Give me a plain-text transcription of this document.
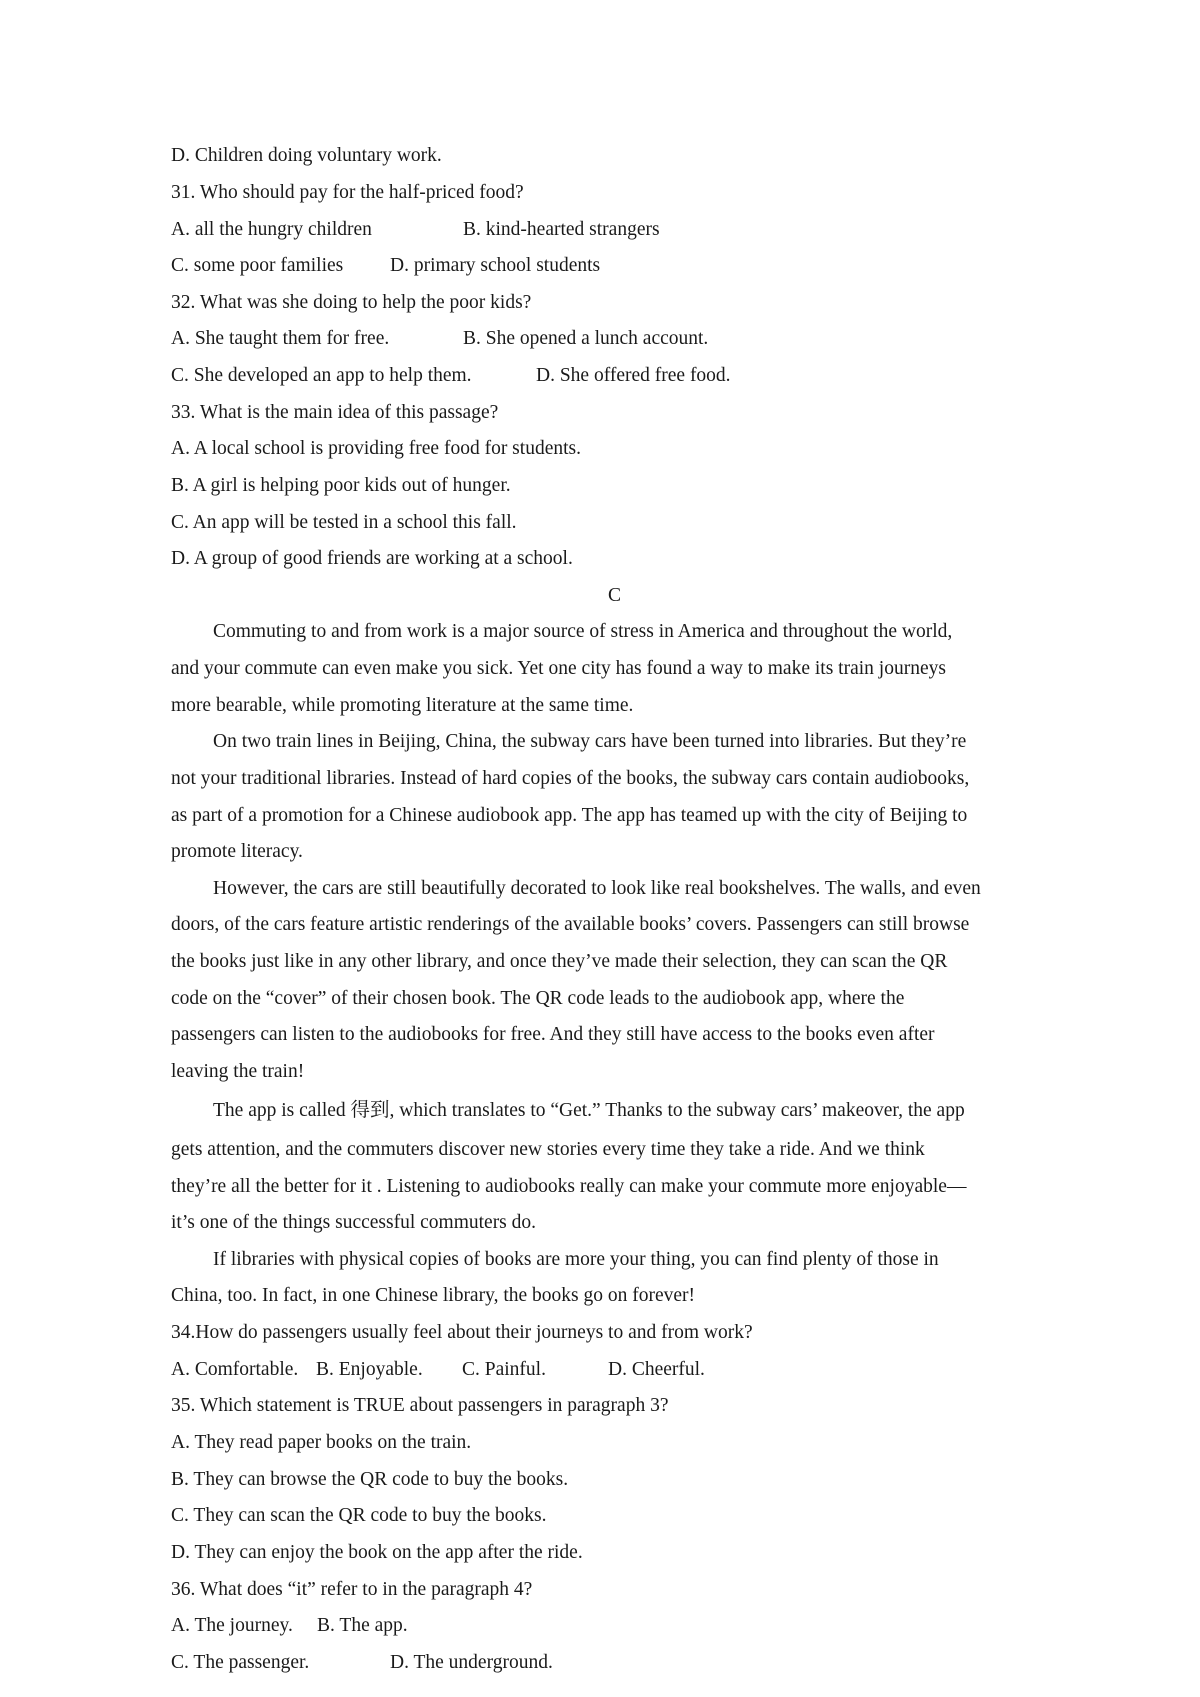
D. Children doing voluntary work.
31. Who should pay for the half-priced food?
A. all the hungry children	B. kind-hearted strangers
C. some poor families D. primary school students
32. What was she doing to help the poor kids?
A. She taught them for free.	B. She opened a lunch account.
C. She developed an app to help them.	D. She offered free food.
33. What is the main idea of this passage?
A. A local school is providing free food for students.
B. A girl is helping poor kids out of hunger.
C. An app will be tested in a school this fall.
D. A group of good friends are working at a school.
C
Commuting to and from work is a major source of stress in America and throughout the world,
and your commute can even make you sick. Yet one city has found a way to make its train journeys
more bearable, while promoting literature at the same time.
On two train lines in Beijing, China, the subway cars have been turned into libraries. But they’re
not your traditional libraries. Instead of hard copies of the books, the subway cars contain audiobooks,
as part of a promotion for a Chinese audiobook app. The app has teamed up with the city of Beijing to
promote literacy.
However, the cars are still beautifully decorated to look like real bookshelves. The walls, and even
doors, of the cars feature artistic renderings of the available books’ covers. Passengers can still browse
the books just like in any other library, and once they’ve made their selection, they can scan the QR
code on the “cover” of their chosen book. The QR code leads to the audiobook app, where the
passengers can listen to the audiobooks for free. And they still have access to the books even after
leaving the train!
The app is called 得到, which translates to “Get.” Thanks to the subway cars’ makeover, the app
gets attention, and the commuters discover new stories every time they take a ride. And we think
they’re all the better for it . Listening to audiobooks really can make your commute more enjoyable—
it’s one of the things successful commuters do.
If libraries with physical copies of books are more your thing, you can find plenty of those in
China, too. In fact, in one Chinese library, the books go on forever!
34.How do passengers usually feel about their journeys to and from work?
A. Comfortable. B. Enjoyable. C. Painful.	D. Cheerful.
35. Which statement is TRUE about passengers in paragraph 3?
A. They read paper books on the train.
B. They can browse the QR code to buy the books.
C. They can scan the QR code to buy the books.
D. They can enjoy the book on the app after the ride.
36. What does “it” refer to in the paragraph 4?
A. The journey. B. The app.
C. The passenger.	D. The underground.
